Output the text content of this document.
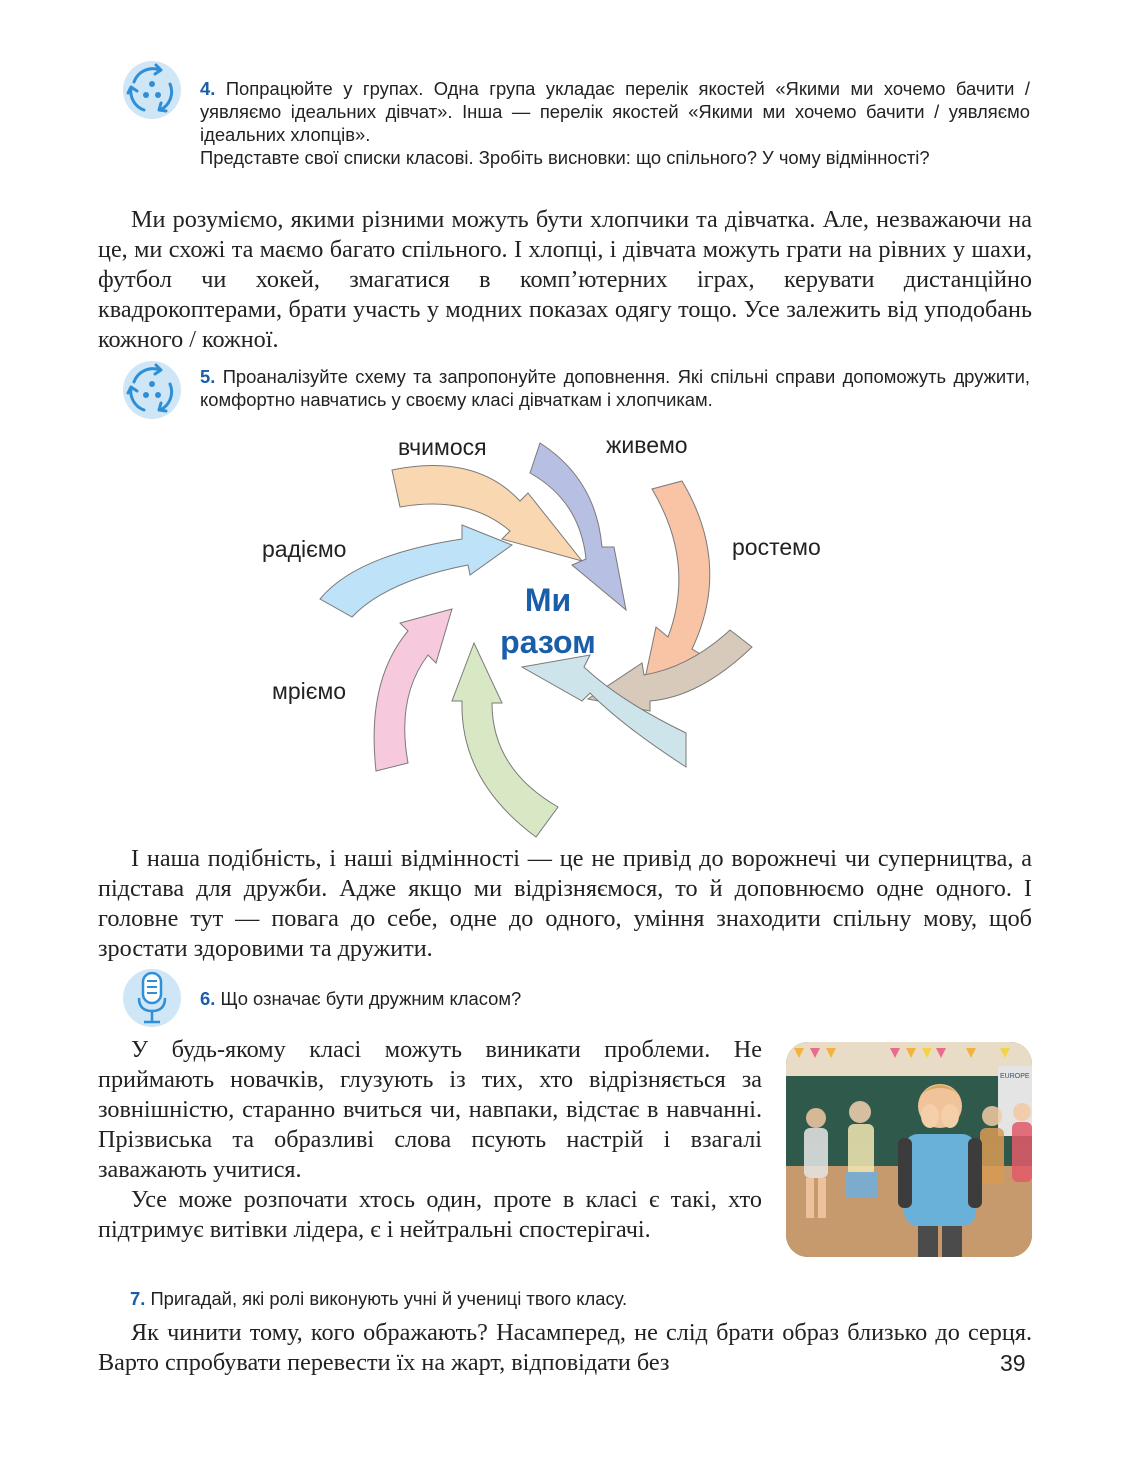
4. Попрацюйте у групах. Одна група укладає перелік якостей «Якими ми хочемо бачити / уявляємо ідеальних дівчат». Інша — перелік якостей «Якими ми хочемо бачити / уявляємо ідеальних хлопців».

Представте свої списки класові. Зробіть висновки: що спільного? У чому відмінності?

Ми розуміємо, якими різними можуть бути хлопчики та дівчатка. Але, незважаючи на це, ми схожі та маємо багато спільного. І хлопці, і дівчата можуть грати на рівних у шахи, футбол чи хокей, змагатися в комп’ютерних іграх, керувати дистанційно квадрокоптерами, брати участь у модних показах одягу тощо. Усе залежить від уподобань кожного / кожної.

5. Проаналізуйте схему та запропонуйте доповнення. Які спільні справи допоможуть дружити, комфортно навчатись у своєму класі дівчаткам і хлопчикам.

вчимося	живемо
ростемо
радіємо
мріємо
Ми
разом

І наша подібність, і наші відмінності — це не привід до ворожнечі чи суперництва, а підстава для дружби. Адже якщо ми відрізняємося, то й доповнюємо одне одного. І головне тут — повага до себе, одне до одного, уміння знаходити спільну мову, щоб зростати здоровими та дружити.

6. Що означає бути дружним класом?

У будь-якому класі можуть виникати проблеми. Не приймають новачків, глузують із тих, хто відрізняється за зовнішністю, старанно вчиться чи, навпаки, відстає в навчанні. Прізвиська та образливі слова псують настрій і взагалі заважають учитися.

Усе може розпочати хтось один, проте в класі є такі, хто підтримує витівки лідера, є і нейтральні спостерігачі.

EUROPE

7. Пригадай, які ролі виконують учні й учениці твого класу.

Як чинити тому, кого ображають? Насамперед, не слід брати образ близько до серця. Варто спробувати перевести їх на жарт, відповідати без	39
